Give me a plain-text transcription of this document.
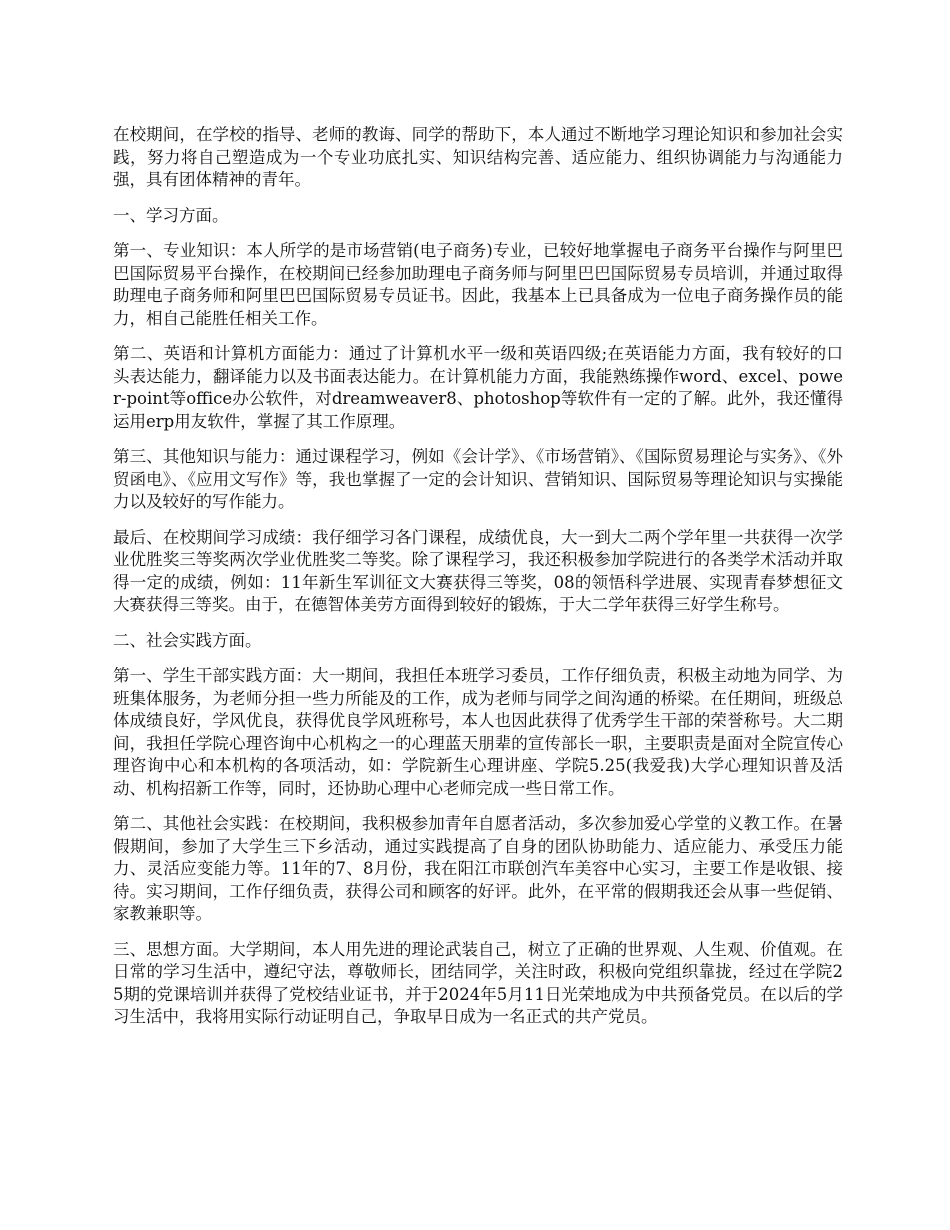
在校期间，在学校的指导、老师的教诲、同学的帮助下，本人通过不断地学习理论知识和参加社会实践，努力将自己塑造成为一个专业功底扎实、知识结构完善、适应能力、组织协调能力与沟通能力强，具有团体精神的青年。

一、学习方面。

第一、专业知识：本人所学的是市场营销(电子商务)专业，已较好地掌握电子商务平台操作与阿里巴巴国际贸易平台操作，在校期间已经参加助理电子商务师与阿里巴巴国际贸易专员培训，并通过取得助理电子商务师和阿里巴巴国际贸易专员证书。因此，我基本上已具备成为一位电子商务操作员的能力，相自己能胜任相关工作。

第二、英语和计算机方面能力：通过了计算机水平一级和英语四级;在英语能力方面，我有较好的口头表达能力，翻译能力以及书面表达能力。在计算机能力方面，我能熟练操作word、excel、power-point等office办公软件，对dreamweaver8、photoshop等软件有一定的了解。此外，我还懂得运用erp用友软件，掌握了其工作原理。

第三、其他知识与能力：通过课程学习，例如《会计学》、《市场营销》、《国际贸易理论与实务》、《外贸函电》、《应用文写作》等，我也掌握了一定的会计知识、营销知识、国际贸易等理论知识与实操能力以及较好的写作能力。

最后、在校期间学习成绩：我仔细学习各门课程，成绩优良，大一到大二两个学年里一共获得一次学业优胜奖三等奖两次学业优胜奖二等奖。除了课程学习，我还积极参加学院进行的各类学术活动并取得一定的成绩，例如：11年新生军训征文大赛获得三等奖，08的领悟科学进展、实现青春梦想征文大赛获得三等奖。由于，在德智体美劳方面得到较好的锻炼，于大二学年获得三好学生称号。

二、社会实践方面。

第一、学生干部实践方面：大一期间，我担任本班学习委员，工作仔细负责，积极主动地为同学、为班集体服务，为老师分担一些力所能及的工作，成为老师与同学之间沟通的桥梁。在任期间，班级总体成绩良好，学风优良，获得优良学风班称号，本人也因此获得了优秀学生干部的荣誉称号。大二期间，我担任学院心理咨询中心机构之一的心理蓝天朋辈的宣传部长一职，主要职责是面对全院宣传心理咨询中心和本机构的各项活动，如：学院新生心理讲座、学院5.25(我爱我)大学心理知识普及活动、机构招新工作等，同时，还协助心理中心老师完成一些日常工作。

第二、其他社会实践：在校期间，我积极参加青年自愿者活动，多次参加爱心学堂的义教工作。在暑假期间，参加了大学生三下乡活动，通过实践提高了自身的团队协助能力、适应能力、承受压力能力、灵活应变能力等。11年的7、8月份，我在阳江市联创汽车美容中心实习，主要工作是收银、接待。实习期间，工作仔细负责，获得公司和顾客的好评。此外，在平常的假期我还会从事一些促销、家教兼职等。

三、思想方面。大学期间，本人用先进的理论武装自己，树立了正确的世界观、人生观、价值观。在日常的学习生活中，遵纪守法，尊敬师长，团结同学，关注时政，积极向党组织靠拢，经过在学院25期的党课培训并获得了党校结业证书，并于2024年5月11日光荣地成为中共预备党员。在以后的学习生活中，我将用实际行动证明自己，争取早日成为一名正式的共产党员。
